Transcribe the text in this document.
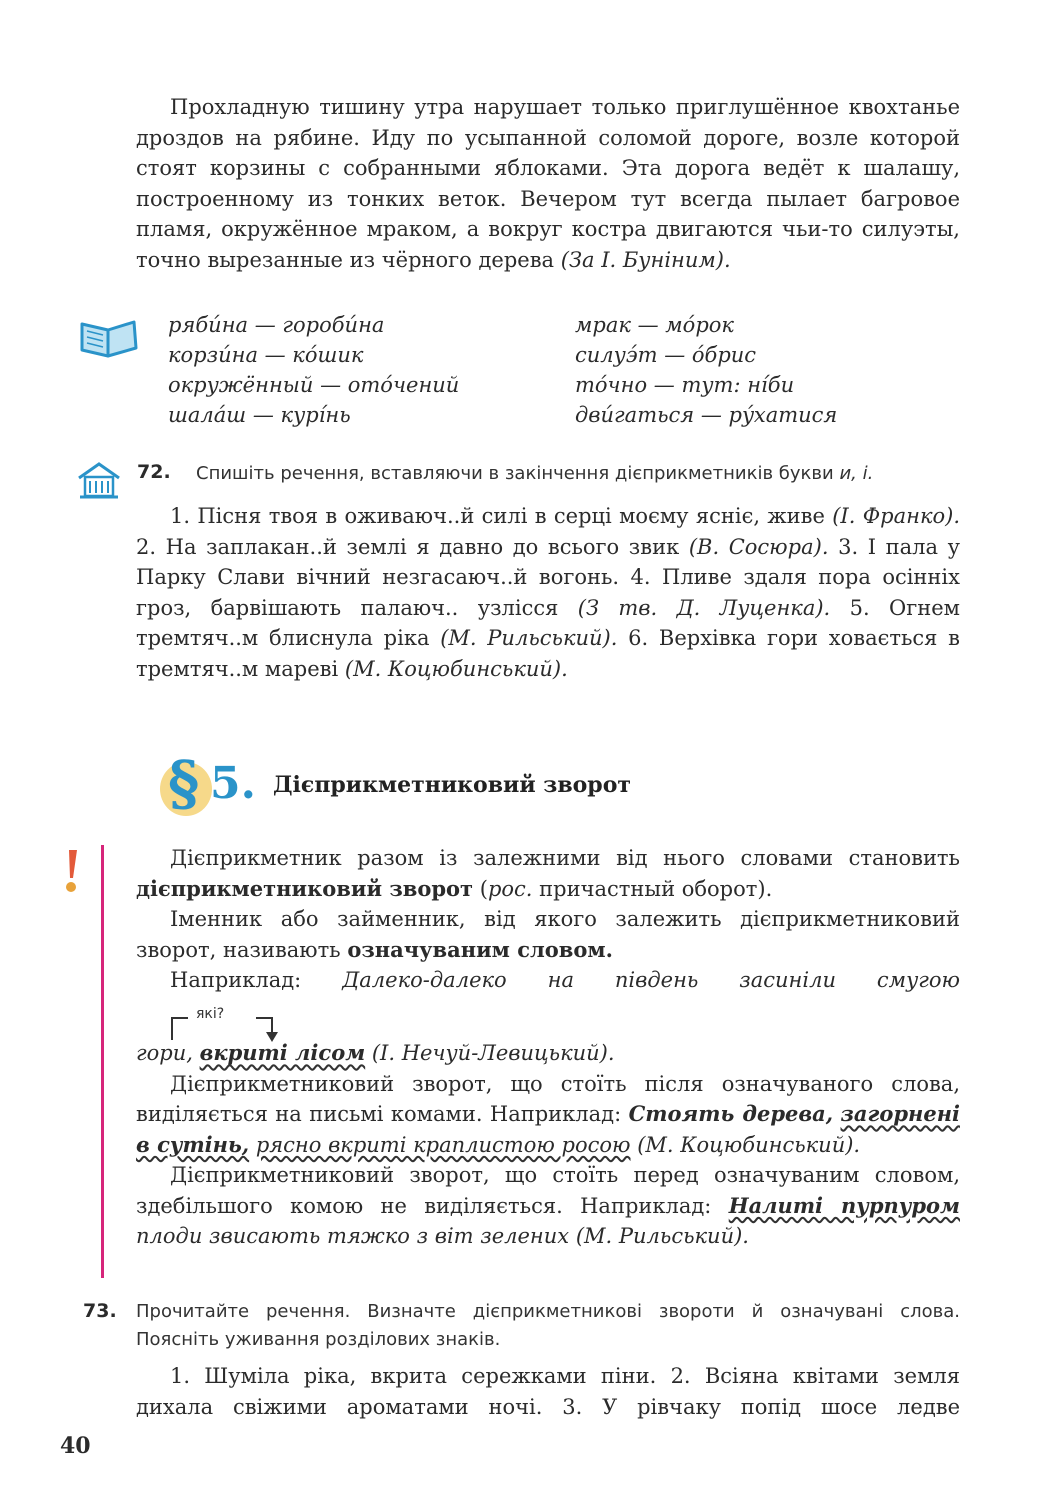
Прохладную тишину утра нарушает только приглушённое квохтанье дроздов на рябине. Иду по усыпанной соломой дороге, возле которой стоят корзины с собранными яблоками. Эта дорога ведёт к шалашу, построенному из тонких веток. Вечером тут всегда пылает багровое пламя, окружённое мраком, а вокруг костра двигаются чьи-то силуэты, точно вырезанные из чёрного дерева (За І. Буніним).

рябúна — горобúна
корзúна — кóшик
окружённый — отóчений
шалáш — курíнь
мрак — мóрок
силуэ́т — óбрис
тóчно — тут: нíби
двúгаться — рýхатися
72. Спишіть речення, вставляючи в закінчення дієприкметників букви и, і.

1. Пісня твоя в оживаюч..й силі в серці моєму ясніє, живе (І. Франко). 2. На заплакан..й землі я давно до всього звик (В. Сосюра). 3. І пала у Парку Слави вічний незгасаюч..й вогонь. 4. Пливе здаля пора осінніх гроз, барвішають палаюч.. узлісся (З тв. Д. Луценка). 5. Огнем тремтяч..м блиснула ріка (М. Рильський). 6. Верхівка гори ховається в тремтяч..м мареві (М. Коцюбинський).

§ 5. Дієприкметниковий зворот

Дієприкметник разом із залежними від нього словами становить дієприкметниковий зворот (рос. причастный оборот).

Іменник або займенник, від якого залежить дієприкметниковий зворот, називають означуваним словом.

Наприклад: Далеко-далеко на південь засиніли смугою

які?

гори, вкриті лісом (І. Нечуй-Левицький).

Дієприкметниковий зворот, що стоїть після означуваного слова, виділяється на письмі комами. Наприклад: Стоять дерева, загорнені в сутінь, рясно вкриті краплистою росою (М. Коцюбинський).

Дієприкметниковий зворот, що стоїть перед означуваним словом, здебільшого комою не виділяється. Наприклад: Налиті пурпуром плоди звисають тяжко з віт зелених (М. Рильський).

73. Прочитайте речення. Визначте дієприкметникові звороти й означувані слова. Поясніть уживання розділових знаків.

1. Шуміла ріка, вкрита сережками піни. 2. Всіяна квітами земля дихала свіжими ароматами ночі. 3. У рівчаку попід шосе ледве

40
